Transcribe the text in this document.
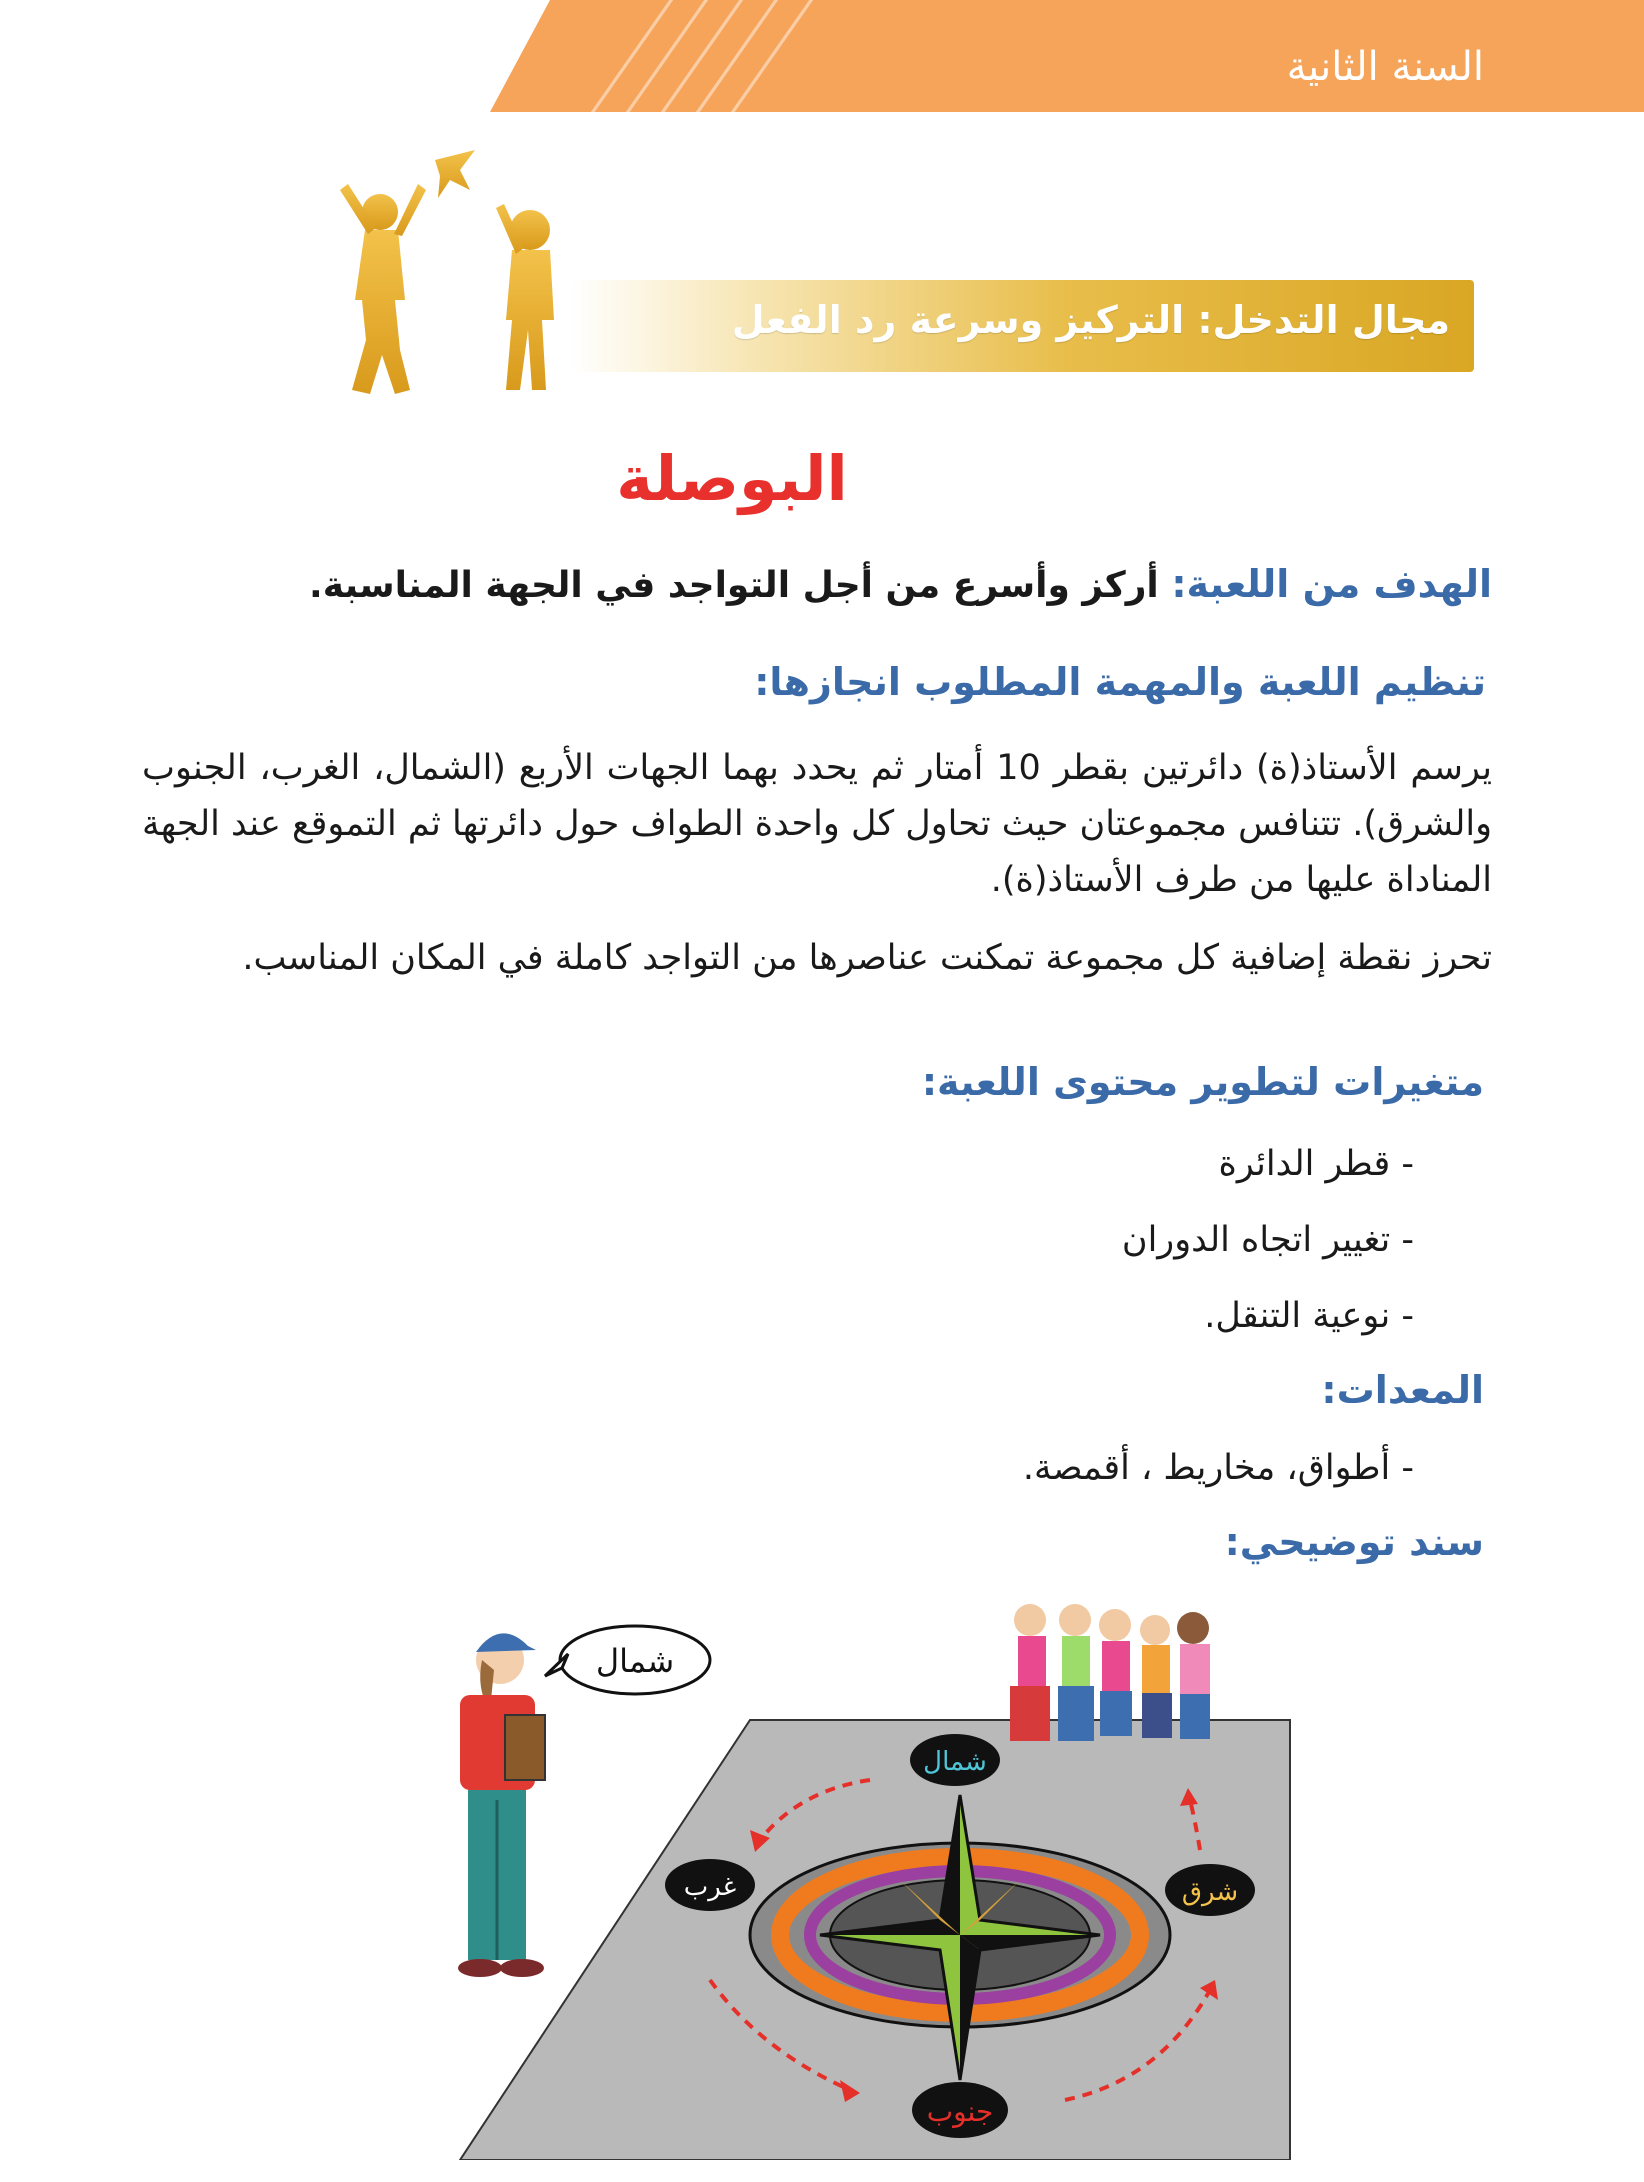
السنة الثانية
مجال التدخل: التركيز وسرعة رد الفعل
البوصلة
الهدف من اللعبة: أركز وأسرع من أجل التواجد في الجهة المناسبة.
تنظيم اللعبة والمهمة المطلوب انجازها:
يرسم الأستاذ(ة) دائرتين بقطر 10 أمتار ثم يحدد بهما الجهات الأربع (الشمال، الغرب، الجنوب والشرق). تتنافس مجموعتان حيث تحاول كل واحدة الطواف حول دائرتها ثم التموقع عند الجهة المناداة عليها من طرف الأستاذ(ة).
تحرز نقطة إضافية كل مجموعة تمكنت عناصرها من التواجد كاملة في المكان المناسب.
متغيرات لتطوير محتوى اللعبة:
- قطر الدائرة
- تغيير اتجاه الدوران
- نوعية التنقل.
المعدات:
- أطواق، مخاريط ، أقمصة.
سند توضيحي:
شمال
غرب	شرق
جنوب
شمال
